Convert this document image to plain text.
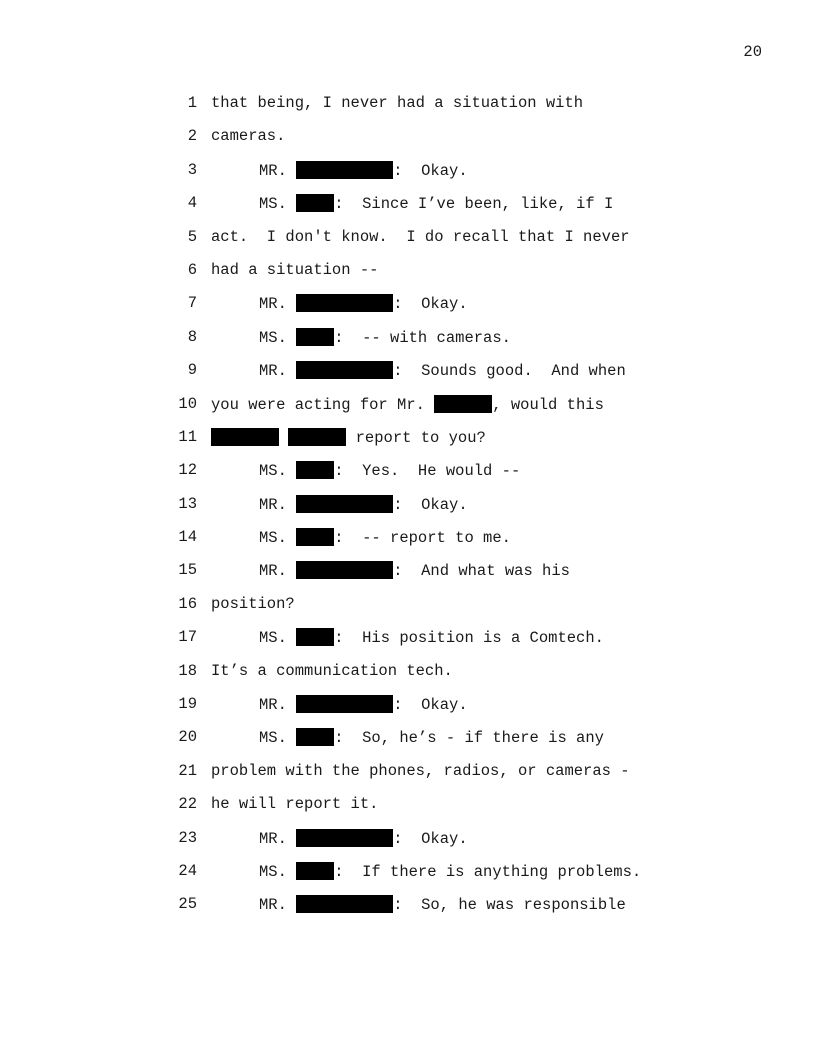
20

1

that being, I never had a situation with

2

cameras.

3

	MR.	:  Okay.

4

	MS. :  Since I’ve been, like, if I

5

act.  I don't know.  I do recall that I never

6

had a situation --

7

	MR.	:  Okay.

8

	MS. :  -- with cameras.

9

	MR.	:  Sounds good.  And when

10

you were acting for Mr.	, would this

11

	report to you?

12

	MS. :  Yes.  He would --

13

	MR.	:  Okay.

14

	MS. :  -- report to me.

15

	MR.	:  And what was his

16

position?

17

	MS. :  His position is a Comtech.

18

It’s a communication tech.

19

	MR.	:  Okay.

20

	MS. :  So, he’s - if there is any

21

problem with the phones, radios, or cameras -

22

he will report it.

23

	MR.	:  Okay.

24

	MS. :  If there is anything problems.

25

	MR.	:  So, he was responsible
